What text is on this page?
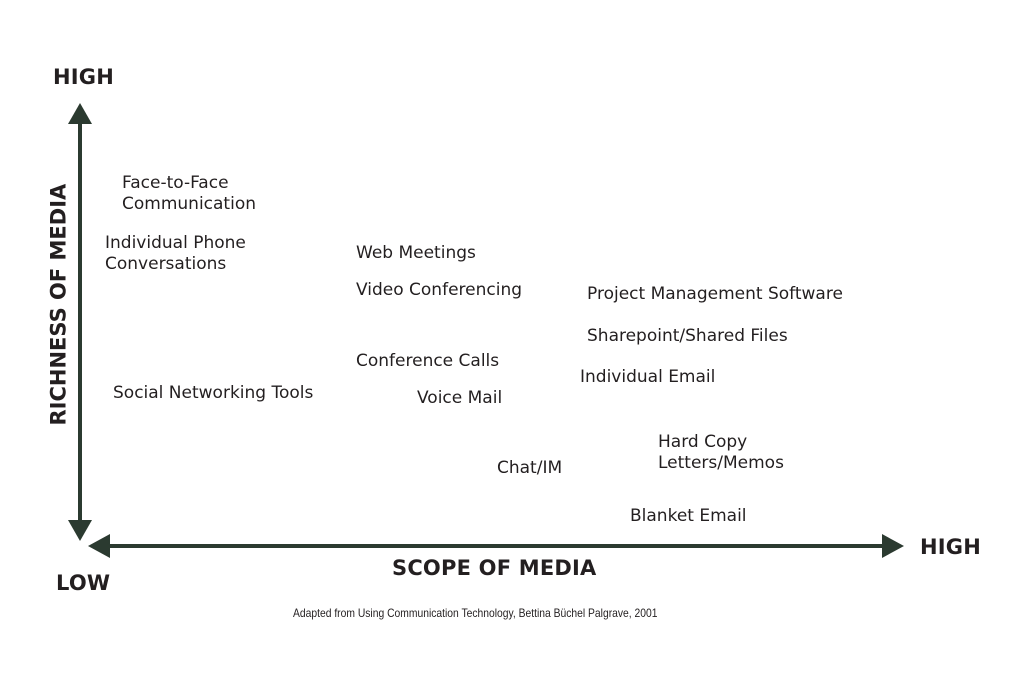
HIGH
RICHNESS OF MEDIA
LOW
SCOPE OF MEDIA
HIGH
Face-to-Face
Communication
Individual Phone
Conversations
Social Networking Tools
Web Meetings
Video Conferencing
Conference Calls
Voice Mail
Chat/IM
Project Management Software
Sharepoint/Shared Files
Individual Email
Hard Copy
Letters/Memos
Blanket Email
Adapted from Using Communication Technology, Bettina Büchel Palgrave, 2001
